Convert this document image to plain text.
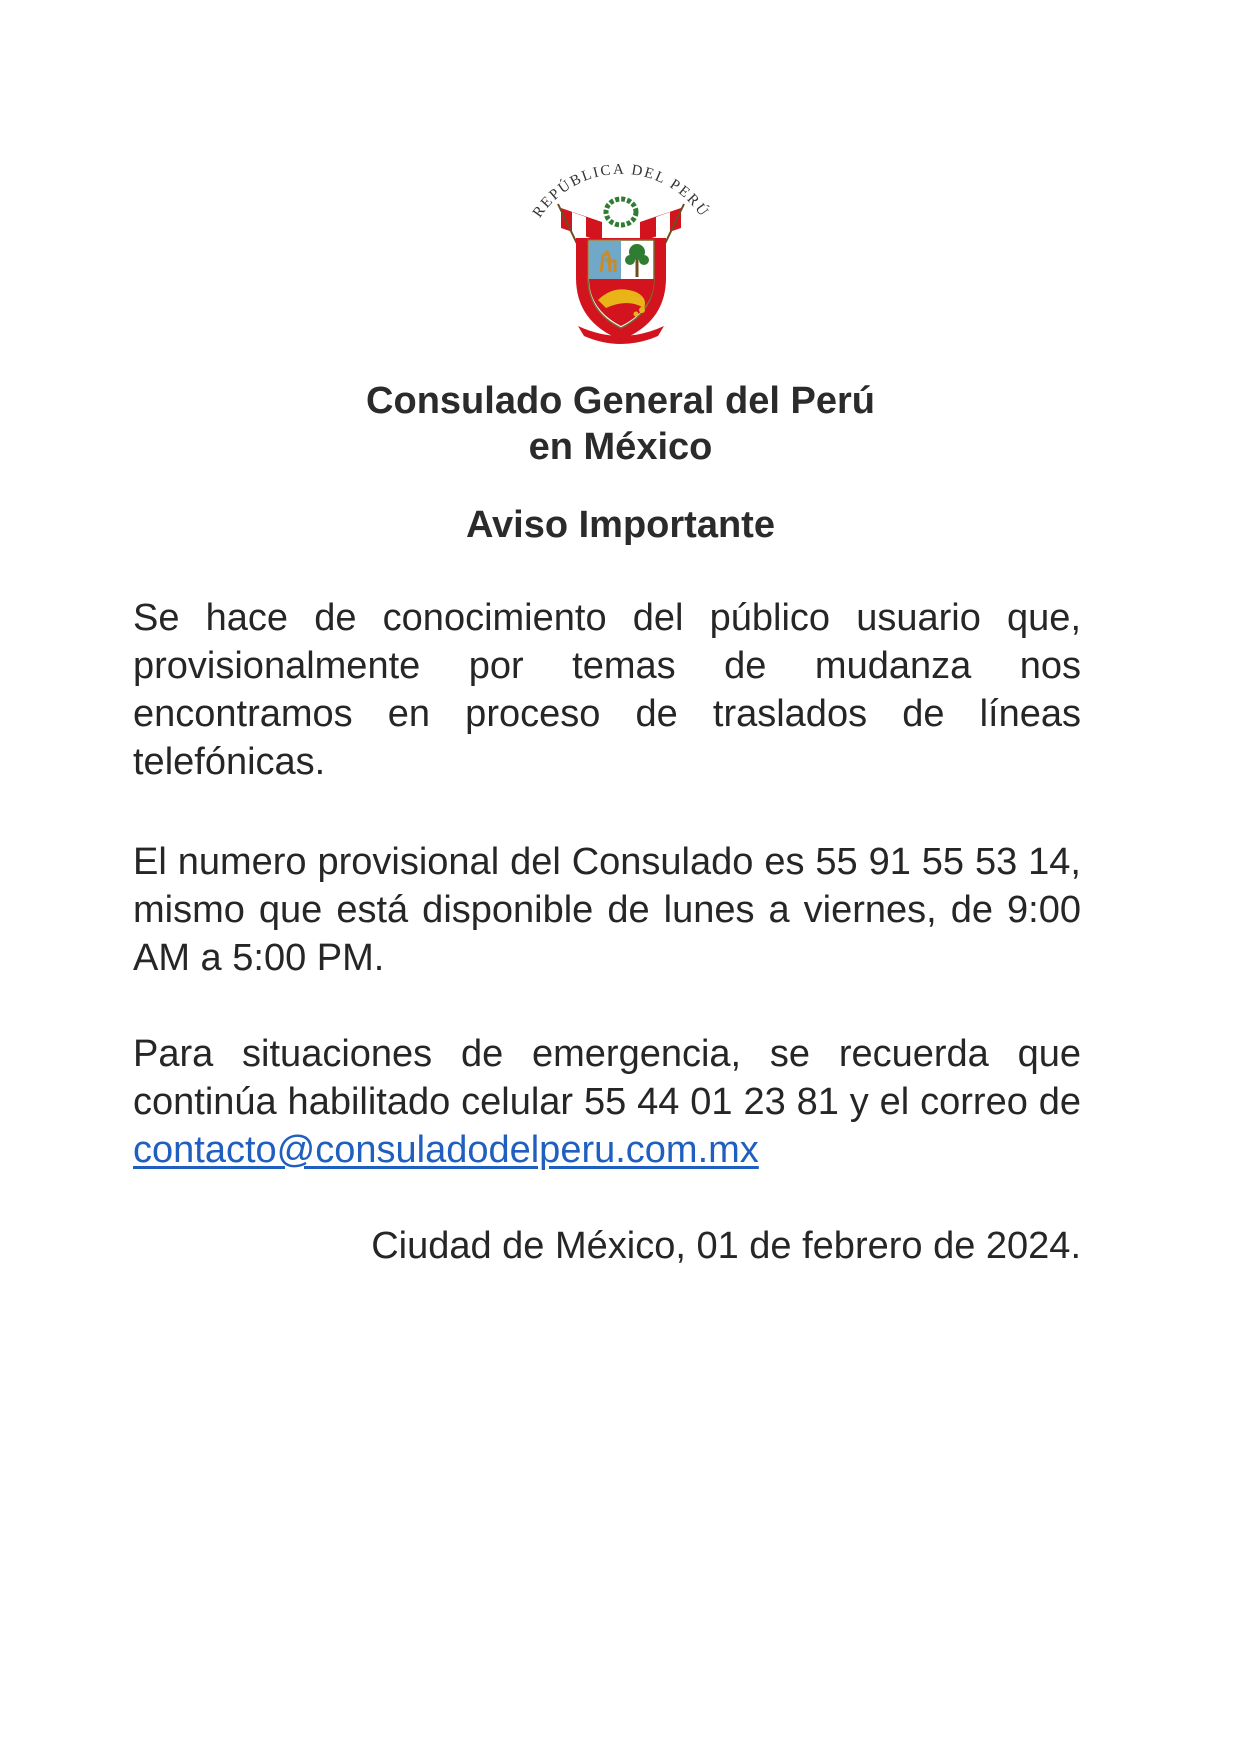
REPÚBLICA DEL PERÚ
Consulado General del Perú
en México
Aviso Importante

Se hace de conocimiento del público usuario que, provisionalmente por temas de mudanza nos encontramos en proceso de traslados de líneas telefónicas.

El numero provisional del Consulado es 55 91 55 53 14, mismo que está disponible de lunes a viernes, de 9:00 AM a 5:00 PM.

Para situaciones de emergencia, se recuerda que continúa habilitado celular 55 44 01 23 81 y el correo de contacto@consuladodelperu.com.mx

Ciudad de México, 01 de febrero de 2024.
